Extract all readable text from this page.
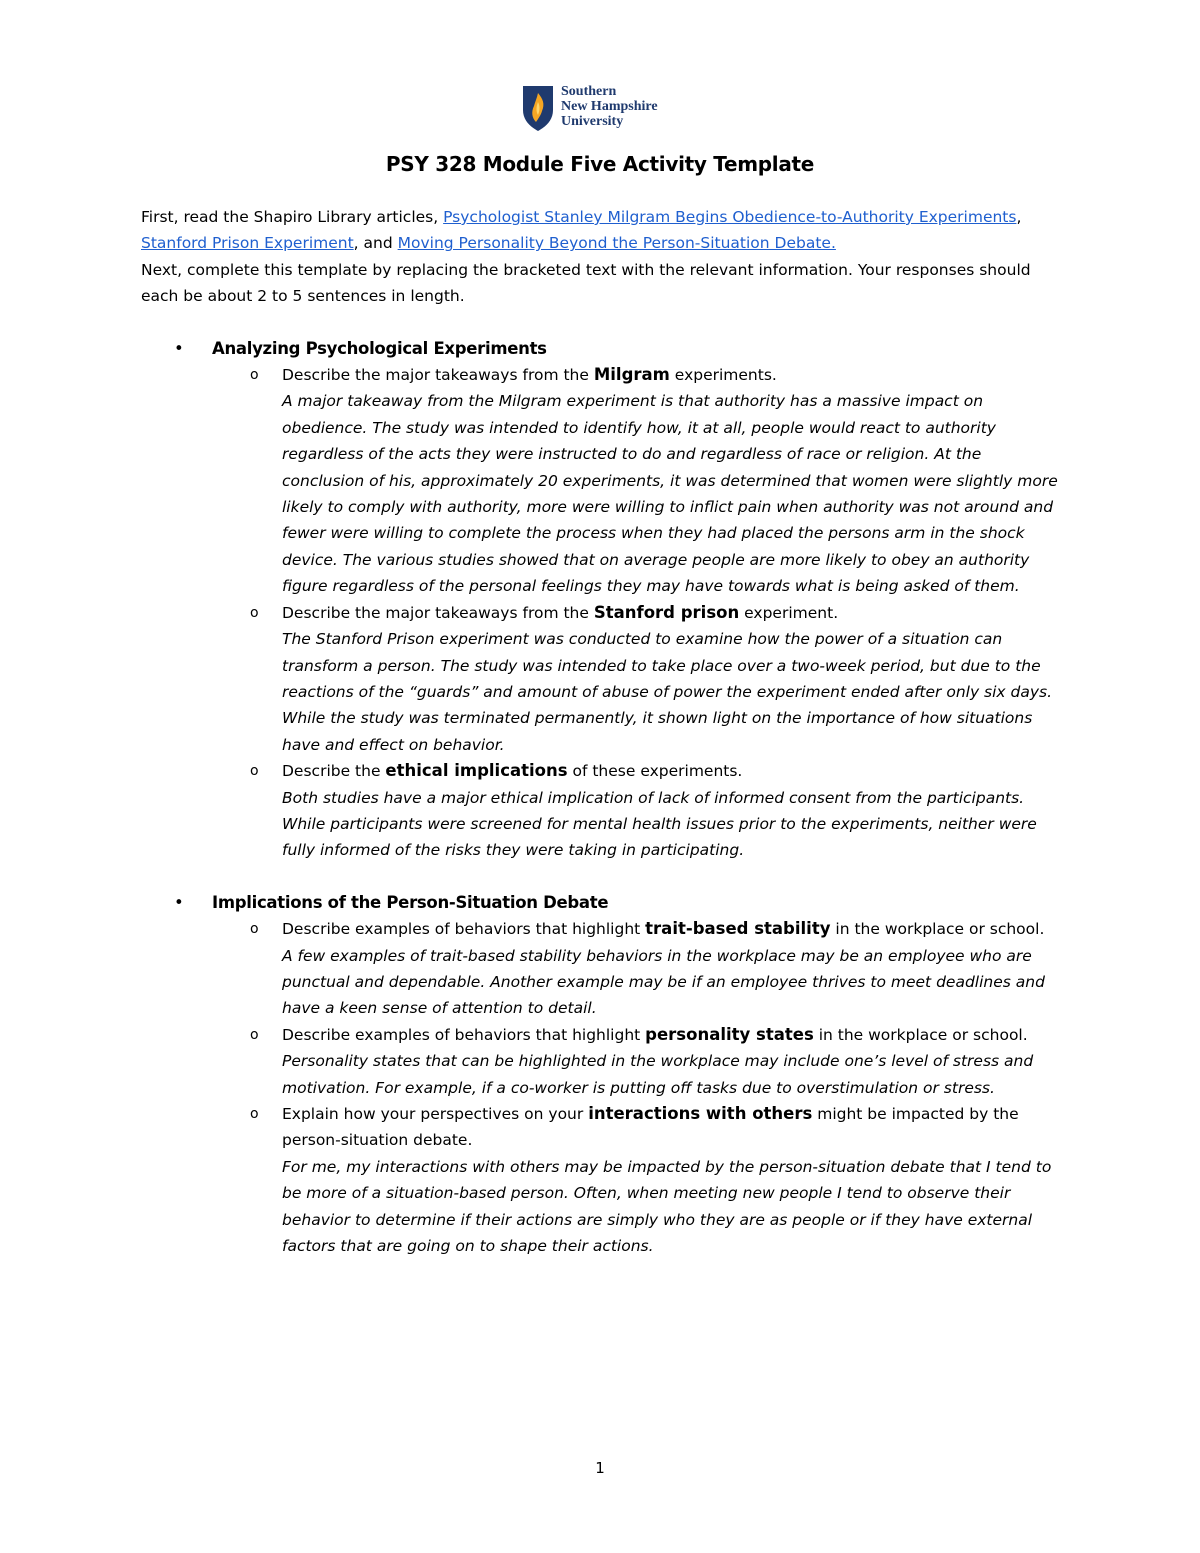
Southern
New Hampshire
University
PSY 328 Module Five Activity Template

First, read the Shapiro Library articles, Psychologist Stanley Milgram Begins Obedience-to-Authority Experiments, Stanford Prison Experiment, and Moving Personality Beyond the Person-Situation Debate.

Next, complete this template by replacing the bracketed text with the relevant information. Your responses should each be about 2 to 5 sentences in length.

• Analyzing Psychological Experiments
o Describe the major takeaways from the Milgram experiments.
A major takeaway from the Milgram experiment is that authority has a massive impact on obedience. The study was intended to identify how, it at all, people would react to authority regardless of the acts they were instructed to do and regardless of race or religion. At the conclusion of his, approximately 20 experiments, it was determined that women were slightly more likely to comply with authority, more were willing to inflict pain when authority was not around and fewer were willing to complete the process when they had placed the persons arm in the shock device. The various studies showed that on average people are more likely to obey an authority figure regardless of the personal feelings they may have towards what is being asked of them.
o Describe the major takeaways from the Stanford prison experiment.
The Stanford Prison experiment was conducted to examine how the power of a situation can transform a person. The study was intended to take place over a two-week period, but due to the reactions of the “guards” and amount of abuse of power the experiment ended after only six days. While the study was terminated permanently, it shown light on the importance of how situations have and effect on behavior.
o Describe the ethical implications of these experiments.
Both studies have a major ethical implication of lack of informed consent from the participants. While participants were screened for mental health issues prior to the experiments, neither were fully informed of the risks they were taking in participating.
• Implications of the Person-Situation Debate
o Describe examples of behaviors that highlight trait-based stability in the workplace or school.
A few examples of trait-based stability behaviors in the workplace may be an employee who are punctual and dependable. Another example may be if an employee thrives to meet deadlines and have a keen sense of attention to detail.
o Describe examples of behaviors that highlight personality states in the workplace or school.
Personality states that can be highlighted in the workplace may include one’s level of stress and motivation. For example, if a co-worker is putting off tasks due to overstimulation or stress.
o Explain how your perspectives on your interactions with others might be impacted by the person-situation debate.
For me, my interactions with others may be impacted by the person-situation debate that I tend to be more of a situation-based person. Often, when meeting new people I tend to observe their behavior to determine if their actions are simply who they are as people or if they have external factors that are going on to shape their actions.
1
